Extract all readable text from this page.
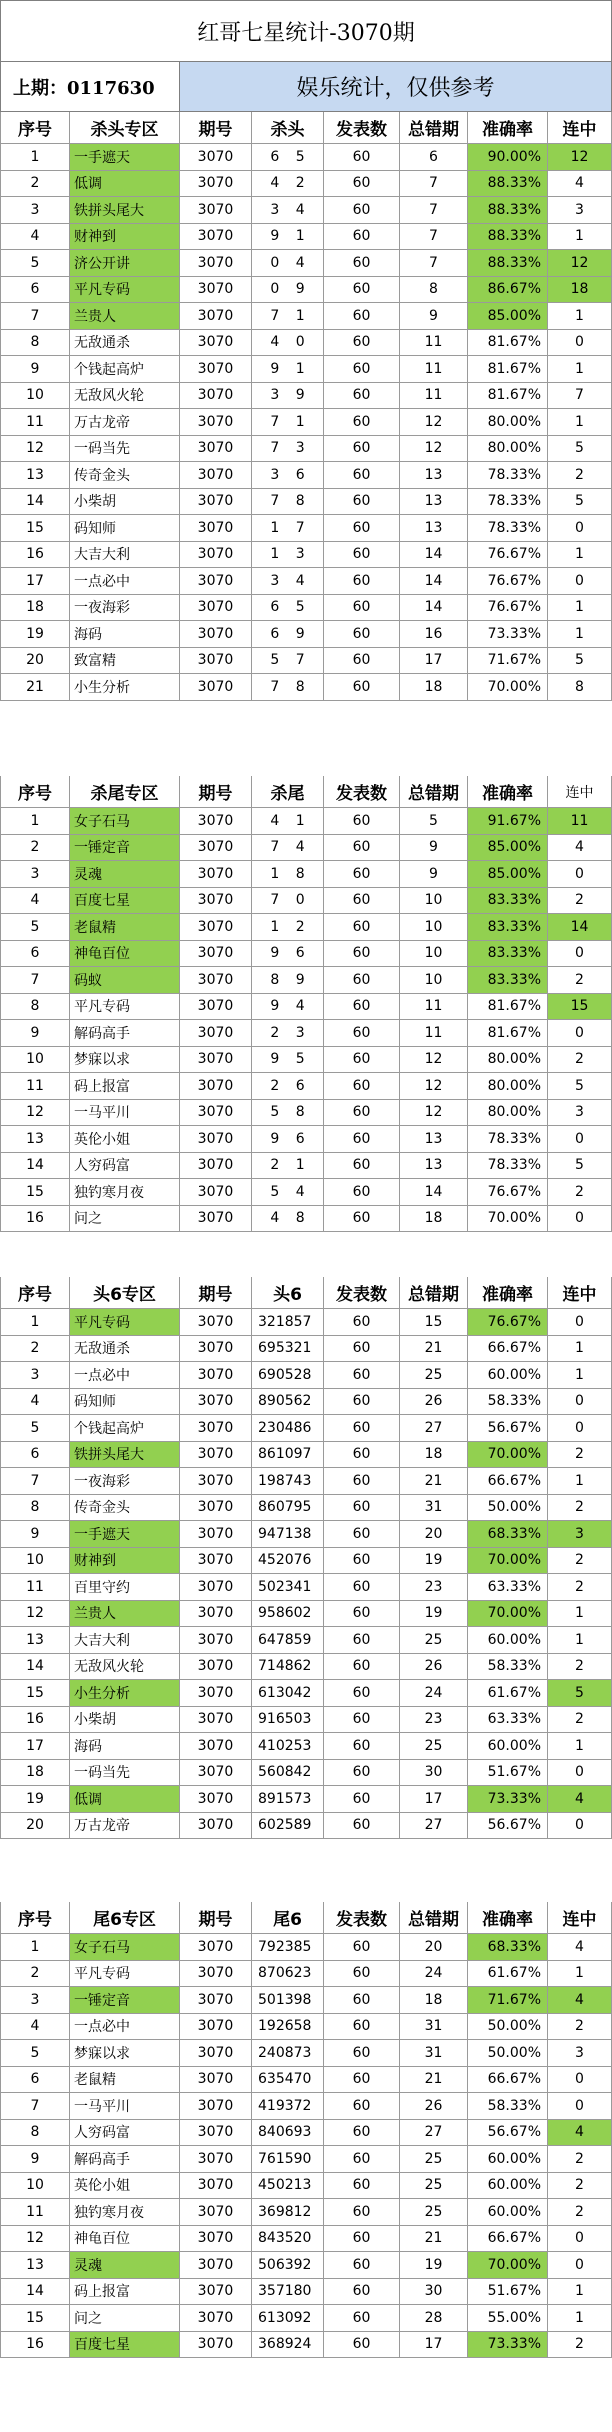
红哥七星统计-3070期
上期：0117630	娱乐统计，仅供参考
序号	杀头专区	期号	杀头	发表数	总错期	准确率	连中
1	一手遮天	3070	6 5	60	6	90.00%	12
2	低调	3070	4 2	60	7	88.33%	4
3	铁拼头尾大	3070	3 4	60	7	88.33%	3
4	财神到	3070	9 1	60	7	88.33%	1
5	济公开讲	3070	0 4	60	7	88.33%	12
6	平凡专码	3070	0 9	60	8	86.67%	18
7	兰贵人	3070	7 1	60	9	85.00%	1
8	无敌通杀	3070	4 0	60	11	81.67%	0
9	个钱起高炉	3070	9 1	60	11	81.67%	1
10	无敌风火轮	3070	3 9	60	11	81.67%	7
11	万古龙帝	3070	7 1	60	12	80.00%	1
12	一码当先	3070	7 3	60	12	80.00%	5
13	传奇金头	3070	3 6	60	13	78.33%	2
14	小柴胡	3070	7 8	60	13	78.33%	5
15	码知师	3070	1 7	60	13	78.33%	0
16	大吉大利	3070	1 3	60	14	76.67%	1
17	一点必中	3070	3 4	60	14	76.67%	0
18	一夜海彩	3070	6 5	60	14	76.67%	1
19	海码	3070	6 9	60	16	73.33%	1
20	致富精	3070	5 7	60	17	71.67%	5
21	小生分析	3070	7 8	60	18	70.00%	8
序号	杀尾专区	期号	杀尾	发表数	总错期	准确率	连中
1	女子石马	3070	4 1	60	5	91.67%	11
2	一锤定音	3070	7 4	60	9	85.00%	4
3	灵魂	3070	1 8	60	9	85.00%	0
4	百度七星	3070	7 0	60	10	83.33%	2
5	老鼠精	3070	1 2	60	10	83.33%	14
6	神龟百位	3070	9 6	60	10	83.33%	0
7	码蚁	3070	8 9	60	10	83.33%	2
8	平凡专码	3070	9 4	60	11	81.67%	15
9	解码高手	3070	2 3	60	11	81.67%	0
10	梦寐以求	3070	9 5	60	12	80.00%	2
11	码上报富	3070	2 6	60	12	80.00%	5
12	一马平川	3070	5 8	60	12	80.00%	3
13	英伦小姐	3070	9 6	60	13	78.33%	0
14	人穷码富	3070	2 1	60	13	78.33%	5
15	独钓寒月夜	3070	5 4	60	14	76.67%	2
16	问之	3070	4 8	60	18	70.00%	0
序号	头6专区	期号	头6	发表数	总错期	准确率	连中
1	平凡专码	3070	321857	60	15	76.67%	0
2	无敌通杀	3070	695321	60	21	66.67%	1
3	一点必中	3070	690528	60	25	60.00%	1
4	码知师	3070	890562	60	26	58.33%	0
5	个钱起高炉	3070	230486	60	27	56.67%	0
6	铁拼头尾大	3070	861097	60	18	70.00%	2
7	一夜海彩	3070	198743	60	21	66.67%	1
8	传奇金头	3070	860795	60	31	50.00%	2
9	一手遮天	3070	947138	60	20	68.33%	3
10	财神到	3070	452076	60	19	70.00%	2
11	百里守约	3070	502341	60	23	63.33%	2
12	兰贵人	3070	958602	60	19	70.00%	1
13	大吉大利	3070	647859	60	25	60.00%	1
14	无敌风火轮	3070	714862	60	26	58.33%	2
15	小生分析	3070	613042	60	24	61.67%	5
16	小柴胡	3070	916503	60	23	63.33%	2
17	海码	3070	410253	60	25	60.00%	1
18	一码当先	3070	560842	60	30	51.67%	0
19	低调	3070	891573	60	17	73.33%	4
20	万古龙帝	3070	602589	60	27	56.67%	0
序号	尾6专区	期号	尾6	发表数	总错期	准确率	连中
1	女子石马	3070	792385	60	20	68.33%	4
2	平凡专码	3070	870623	60	24	61.67%	1
3	一锤定音	3070	501398	60	18	71.67%	4
4	一点必中	3070	192658	60	31	50.00%	2
5	梦寐以求	3070	240873	60	31	50.00%	3
6	老鼠精	3070	635470	60	21	66.67%	0
7	一马平川	3070	419372	60	26	58.33%	0
8	人穷码富	3070	840693	60	27	56.67%	4
9	解码高手	3070	761590	60	25	60.00%	2
10	英伦小姐	3070	450213	60	25	60.00%	2
11	独钓寒月夜	3070	369812	60	25	60.00%	2
12	神龟百位	3070	843520	60	21	66.67%	0
13	灵魂	3070	506392	60	19	70.00%	0
14	码上报富	3070	357180	60	30	51.67%	1
15	问之	3070	613092	60	28	55.00%	1
16	百度七星	3070	368924	60	17	73.33%	2
